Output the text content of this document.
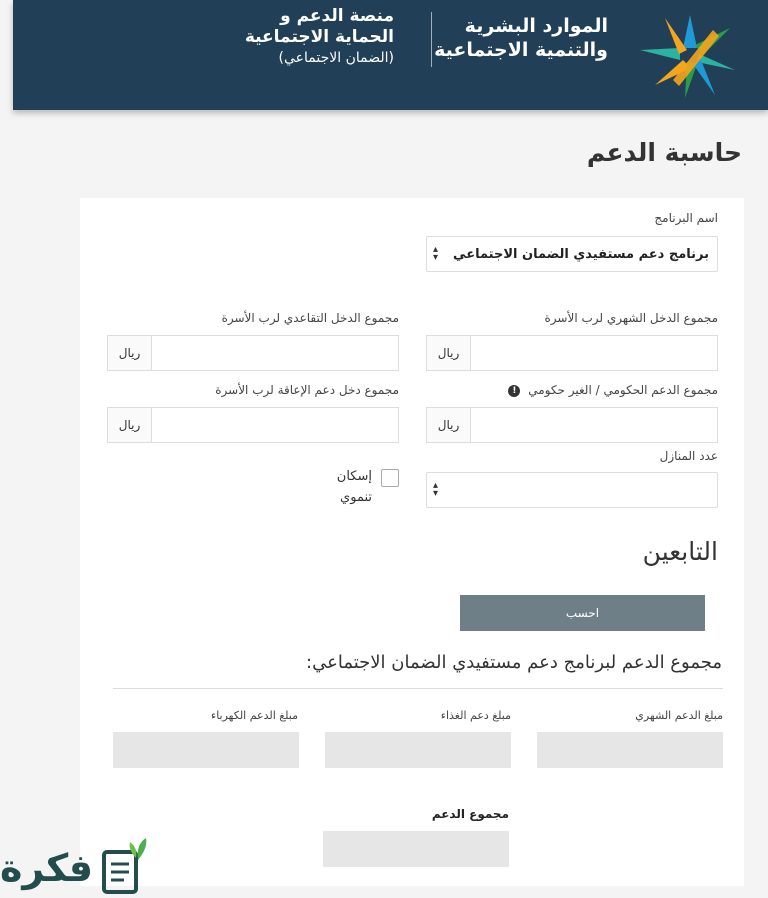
الموارد البشرية
والتنمية الاجتماعية
منصة الدعم و
الحماية الاجتماعية
(الضمان الاجتماعي)
حاسبة الدعم
اسم البرنامج
برنامج دعم مستفيدي الضمان الاجتماعي
▴
▾
مجموع الدخل الشهري لرب الأسرة
ريال
مجموع الدخل التقاعدي لرب الأسرة
ريال
مجموع الدعم الحكومي / الغير حكومي !
ريال
مجموع دخل دعم الإعاقة لرب الأسرة
ريال
عدد المنازل
▴
▾
إسكان
تنموي
التابعين
احسب
مجموع الدعم لبرنامج دعم مستفيدي الضمان الاجتماعي:
مبلغ الدعم الشهري
مبلغ دعم الغذاء
مبلغ الدعم الكهرباء
مجموع الدعم
فكرة
